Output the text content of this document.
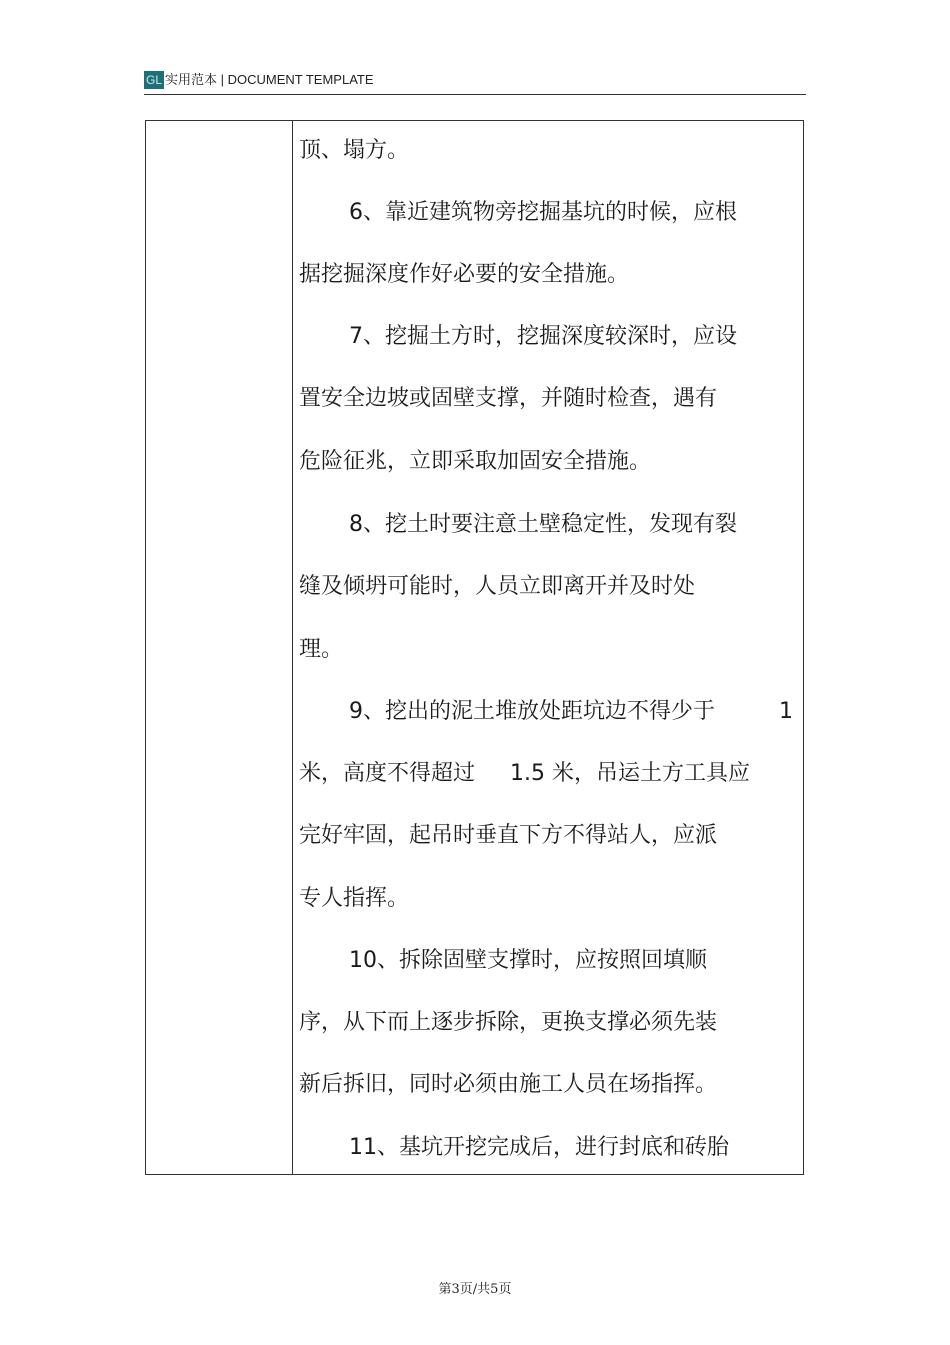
GL 实用范本 | DOCUMENT TEMPLATE
顶、塌方。
6、靠近建筑物旁挖掘基坑的时候，应根
据挖掘深度作好必要的安全措施。
7、挖掘土方时，挖掘深度较深时，应设
置安全边坡或固壁支撑，并随时检查，遇有
危险征兆，立即采取加固安全措施。
8、挖土时要注意土壁稳定性，发现有裂
缝及倾坍可能时，人员立即离开并及时处
理。
9、挖出的泥土堆放处距坑边不得少于	1
米，高度不得超过 1.5 米，吊运土方工具应
完好牢固，起吊时垂直下方不得站人，应派
专人指挥。
10、拆除固壁支撑时，应按照回填顺
序，从下而上逐步拆除，更换支撑必须先装
新后拆旧，同时必须由施工人员在场指挥。
11、基坑开挖完成后，进行封底和砖胎
第3页/共5页
